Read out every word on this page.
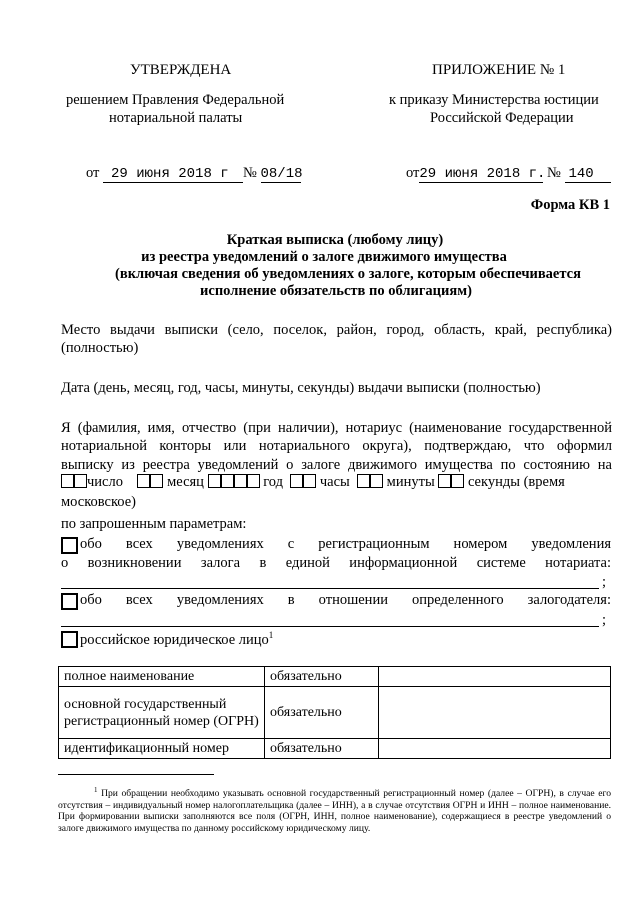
УТВЕРЖДЕНА
решением Правления Федеральной
нотариальной палаты
от 29 июня 2018 г № 08/18
ПРИЛОЖЕНИЕ № 1
к приказу Министерства юстиции
Российской Федерации
от29 июня 2018 г. № 140
Форма КВ 1
Краткая выписка (любому лицу)
из реестра уведомлений о залоге движимого имущества
(включая сведения об уведомлениях о залоге, которым обеспечивается
исполнение обязательств по облигациям)
Место выдачи выписки (село, поселок, район, город, область, край, республика)
(полностью)
Дата (день, месяц, год, часы, минуты, секунды) выдачи выписки (полностью)
Я (фамилия, имя, отчество (при наличии), нотариус (наименование государственной
нотариальной конторы или нотариального округа), подтверждаю, что оформил
выписку из реестра уведомлений о залоге движимого имущества по состоянию на
число	месяц	год	часы	минуты секунды (время
московское)
по запрошенным параметрам:
обо всех уведомлениях с регистрационным номером уведомления
о возникновении залога в единой информационной системе нотариата:
;
обо всех уведомлениях в отношении определенного залогодателя:
;
российское юридическое лицо$^1$
полное наименование	обязательно	
основной государственный регистрационный номер (ОГРН)	обязательно	
идентификационный номер	обязательно	
$^1$ При обращении необходимо указывать основной государственный регистрационный номер (далее – ОГРН), в случае его отсутствия – индивидуальный номер налогоплательщика (далее – ИНН), а в случае отсутствия ОГРН и ИНН – полное наименование. При формировании выписки заполняются все поля (ОГРН, ИНН, полное наименование), содержащиеся в реестре уведомлений о залоге движимого имущества по данному российскому юридическому лицу.
